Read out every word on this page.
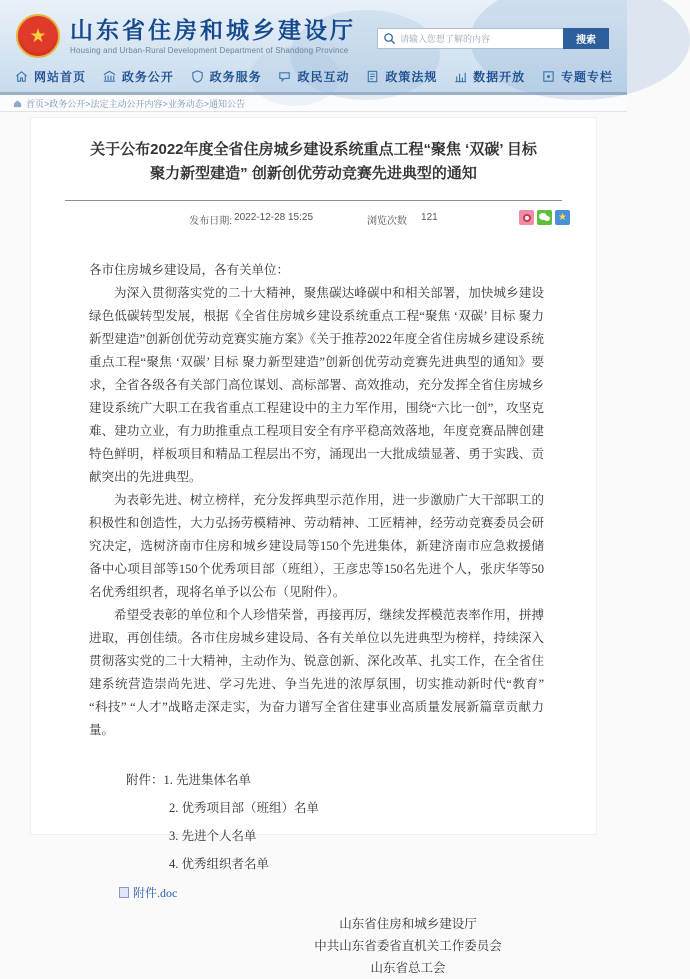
★ 山东省住房和城乡建设厅
Housing and Urban-Rural Development Department of Shandong Province
请输入您想了解的内容
搜索
网站首页	政务公开	政务服务	政民互动	政策法规	数据开放	专题专栏
首页>政务公开>法定主动公开内容>业务动态>通知公告
关于公布2022年度全省住房城乡建设系统重点工程“聚焦 ‘双碳’ 目标聚力新型建造” 创新创优劳动竞赛先进典型的通知
发布日期: 2022-12-28 15:25	浏览次数 121	★

各市住房城乡建设局，各有关单位：

为深入贯彻落实党的二十大精神，聚焦碳达峰碳中和相关部署，加快城乡建设绿色低碳转型发展，根据《全省住房城乡建设系统重点工程“聚焦 ‘双碳’ 目标 聚力新型建造”创新创优劳动竞赛实施方案》《关于推荐2022年度全省住房城乡建设系统重点工程“聚焦 ‘双碳’ 目标 聚力新型建造”创新创优劳动竞赛先进典型的通知》要求，全省各级各有关部门高位谋划、高标部署、高效推动，充分发挥全省住房城乡建设系统广大职工在我省重点工程建设中的主力军作用，围绕“六比一创”，攻坚克难、建功立业，有力助推重点工程项目安全有序平稳高效落地，年度竞赛品牌创建特色鲜明，样板项目和精品工程层出不穷，涌现出一大批成绩显著、勇于实践、贡献突出的先进典型。

为表彰先进、树立榜样，充分发挥典型示范作用，进一步激励广大干部职工的积极性和创造性，大力弘扬劳模精神、劳动精神、工匠精神，经劳动竞赛委员会研究决定，选树济南市住房和城乡建设局等150个先进集体，新建济南市应急救援储备中心项目部等150个优秀项目部（班组），王彦忠等150名先进个人，张庆华等50名优秀组织者，现将名单予以公布（见附件）。

希望受表彰的单位和个人珍惜荣誉，再接再厉，继续发挥模范表率作用，拼搏进取，再创佳绩。各市住房城乡建设局、各有关单位以先进典型为榜样，持续深入贯彻落实党的二十大精神，主动作为、锐意创新、深化改革、扎实工作，在全省住建系统营造崇尚先进、学习先进、争当先进的浓厚氛围，切实推动新时代“教育” “科技” “人才”战略走深走实，为奋力谱写全省住建事业高质量发展新篇章贡献力量。

附件：1. 先进集体名单
2. 优秀项目部（班组）名单
3. 先进个人名单
4. 优秀组织者名单
附件.doc
山东省住房和城乡建设厅
中共山东省委省直机关工作委员会
山东省总工会
